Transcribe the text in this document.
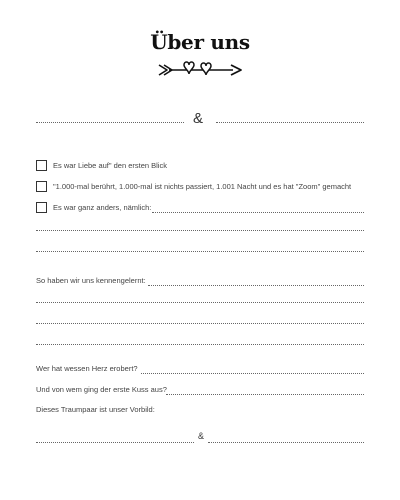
Über uns
&
Es war Liebe auf" den ersten Blick
"1.000-mal berührt, 1.000-mal ist nichts passiert, 1.001 Nacht und es hat "Zoom" gemacht
Es war ganz anders, nämlich:
So haben wir uns kennengelernt:
Wer hat wessen Herz erobert?
Und von wem ging der erste Kuss aus?
Dieses Traumpaar ist unser Vorbild:
&
